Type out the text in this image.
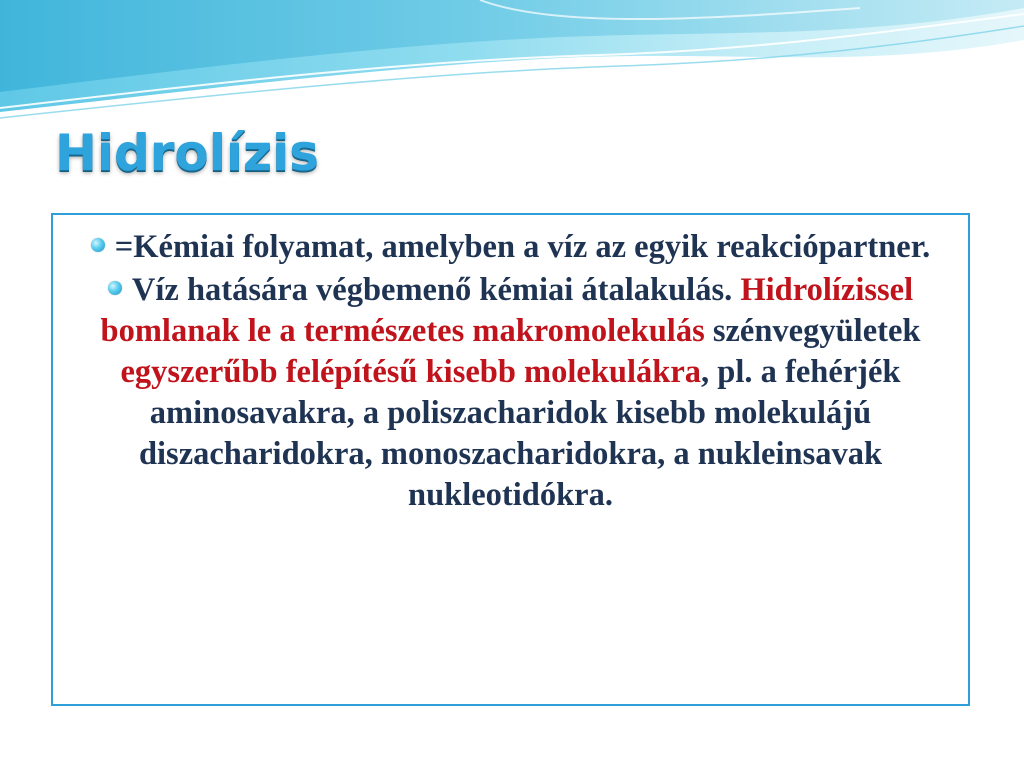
Hidrolízis
=Kémiai folyamat, amelyben a víz az egyik reakciópartner.
Víz hatására végbemenő kémiai átalakulás. Hidrolízissel bomlanak le a természetes makromolekulás szénvegyületek egyszerűbb felépítésű kisebb molekulákra, pl. a fehérjék aminosavakra, a poliszacharidok kisebb molekulájú diszacharidokra, monoszacharidokra, a nukleinsavak nukleotidókra.
